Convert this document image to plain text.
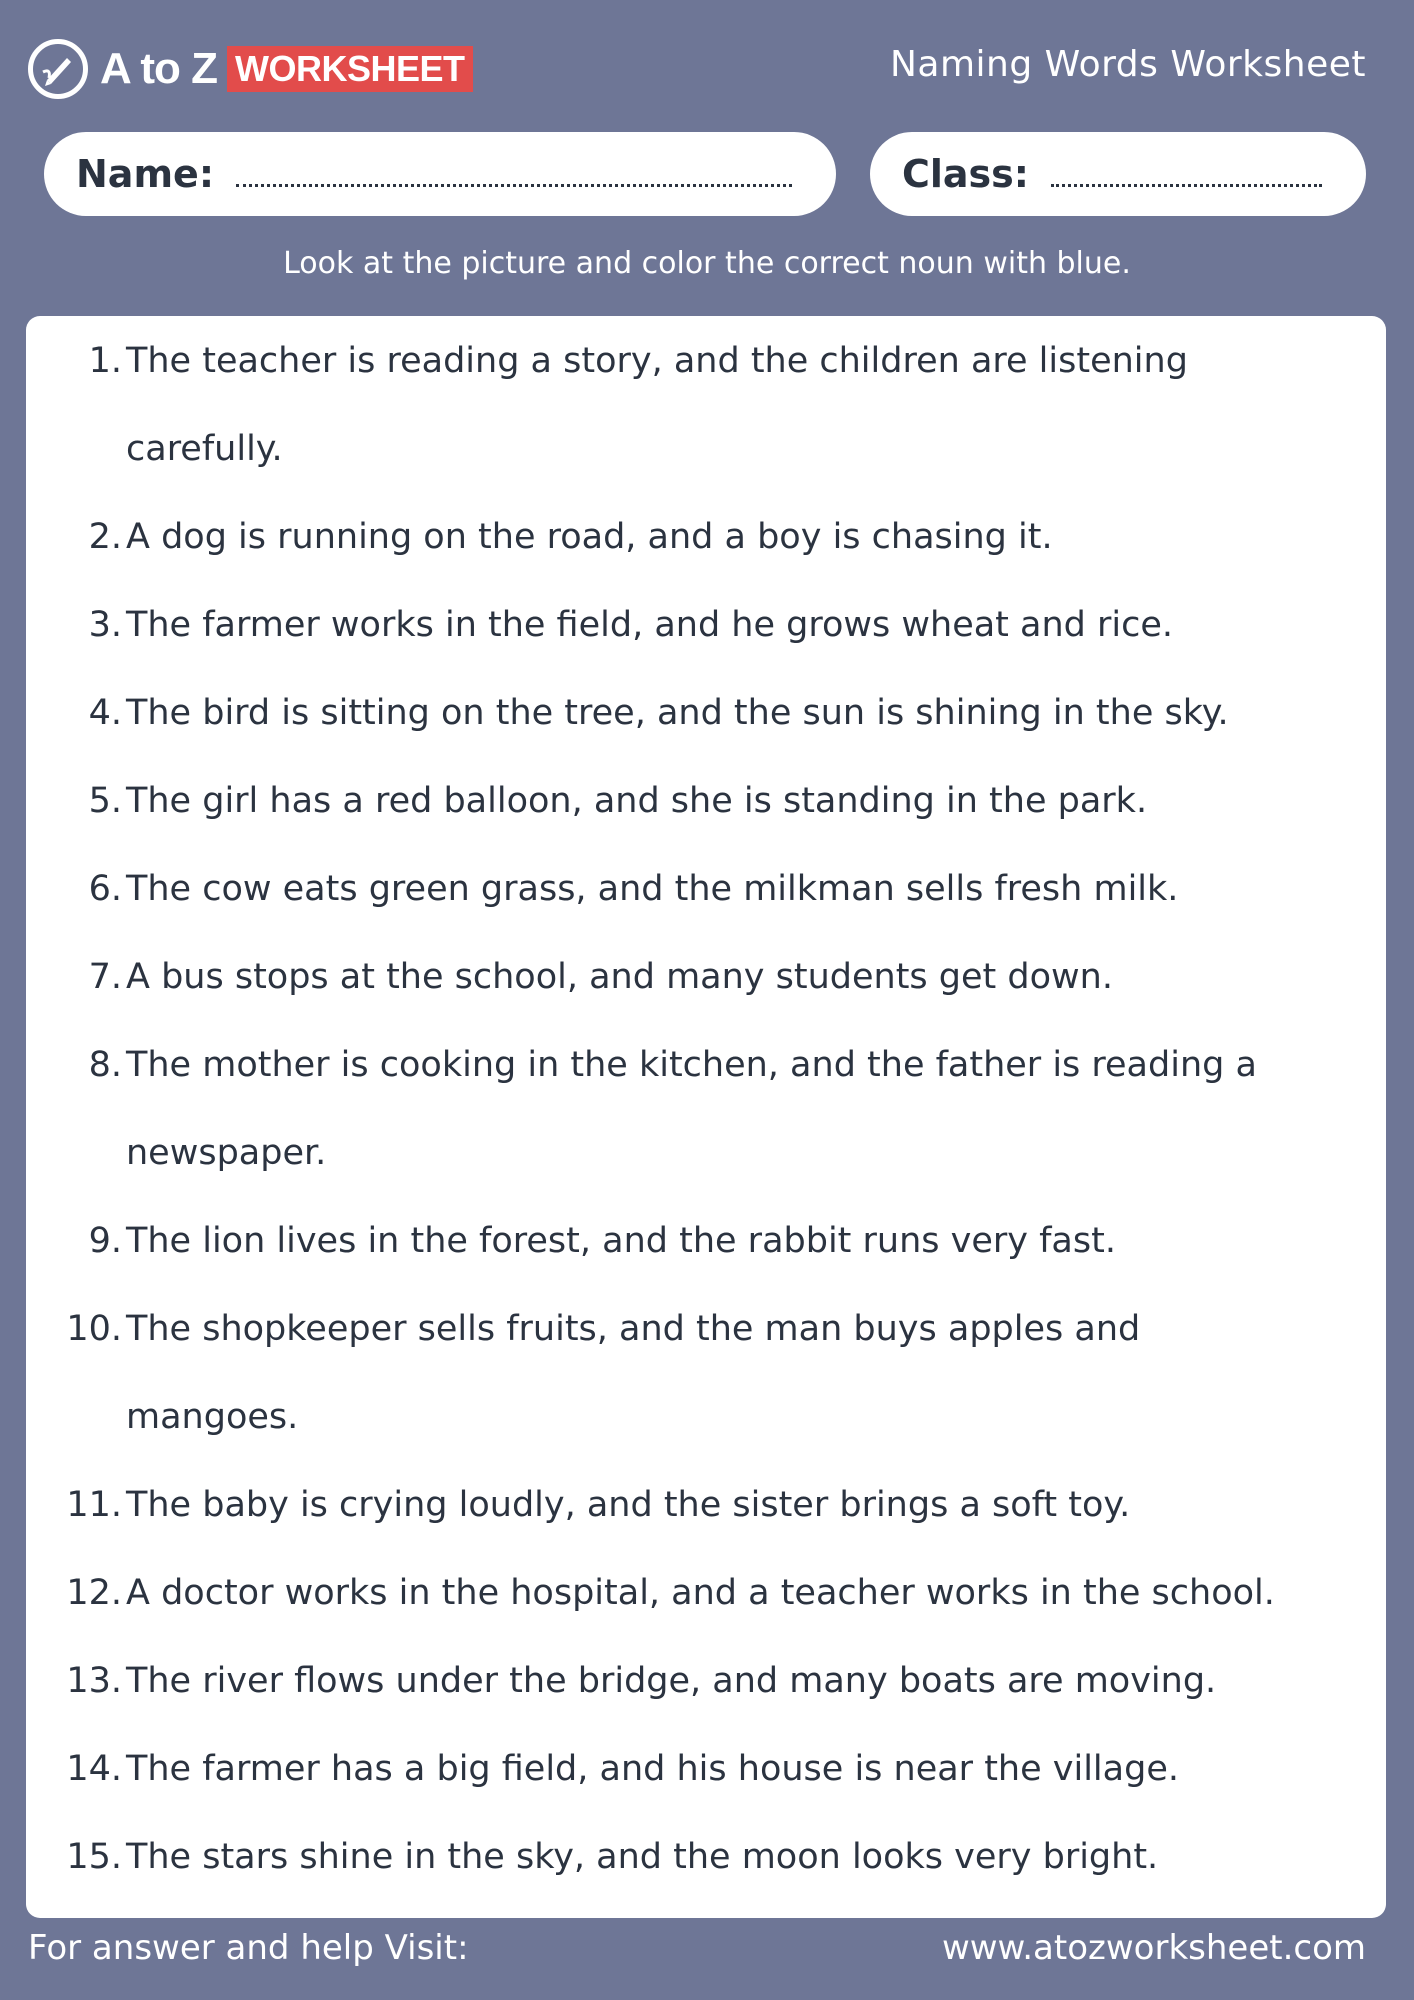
A to Z WORKSHEET	Naming Words Worksheet
Name:	Class:
Look at the picture and color the correct noun with blue.
1. The teacher is reading a story, and the children are listening
carefully.
2. A dog is running on the road, and a boy is chasing it.
3. The farmer works in the field, and he grows wheat and rice.
4. The bird is sitting on the tree, and the sun is shining in the sky.
5. The girl has a red balloon, and she is standing in the park.
6. The cow eats green grass, and the milkman sells fresh milk.
7. A bus stops at the school, and many students get down.
8. The mother is cooking in the kitchen, and the father is reading a
newspaper.
9. The lion lives in the forest, and the rabbit runs very fast.
10. The shopkeeper sells fruits, and the man buys apples and
mangoes.
11. The baby is crying loudly, and the sister brings a soft toy.
12. A doctor works in the hospital, and a teacher works in the school.
13. The river flows under the bridge, and many boats are moving.
14. The farmer has a big field, and his house is near the village.
15. The stars shine in the sky, and the moon looks very bright.
For answer and help Visit:	www.atozworksheet.com
